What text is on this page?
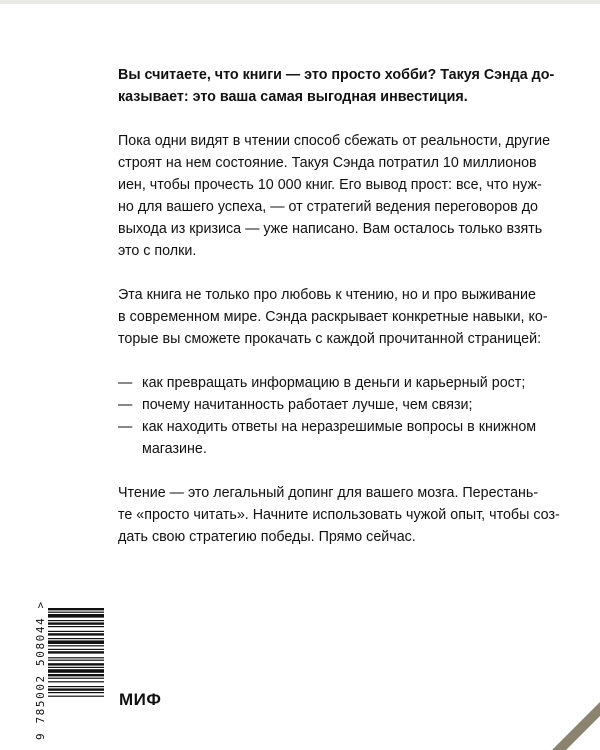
Вы считаете, что книги — это просто хобби? Такуя Сэнда до-
казывает: это ваша самая выгодная инвестиция.

Пока одни видят в чтении способ сбежать от реальности, другие
строят на нем состояние. Такуя Сэнда потратил 10 миллионов
иен, чтобы прочесть 10 000 книг. Его вывод прост: все, что нуж-
но для вашего успеха, — от стратегий ведения переговоров до
выхода из кризиса — уже написано. Вам осталось только взять
это с полки.

Эта книга не только про любовь к чтению, но и про выживание
в современном мире. Сэнда раскрывает конкретные навыки, ко-
торые вы сможете прокачать с каждой прочитанной страницей:

— как превращать информацию в деньги и карьерный рост;
— почему начитанность работает лучше, чем связи;
— как находить ответы на неразрешимые вопросы в книжном
магазине.

Чтение — это легальный допинг для вашего мозга. Перестань-
те «просто читать». Начните использовать чужой опыт, чтобы соз-
дать свою стратегию победы. Прямо сейчас.

9 785002 508044 >	МИФ
